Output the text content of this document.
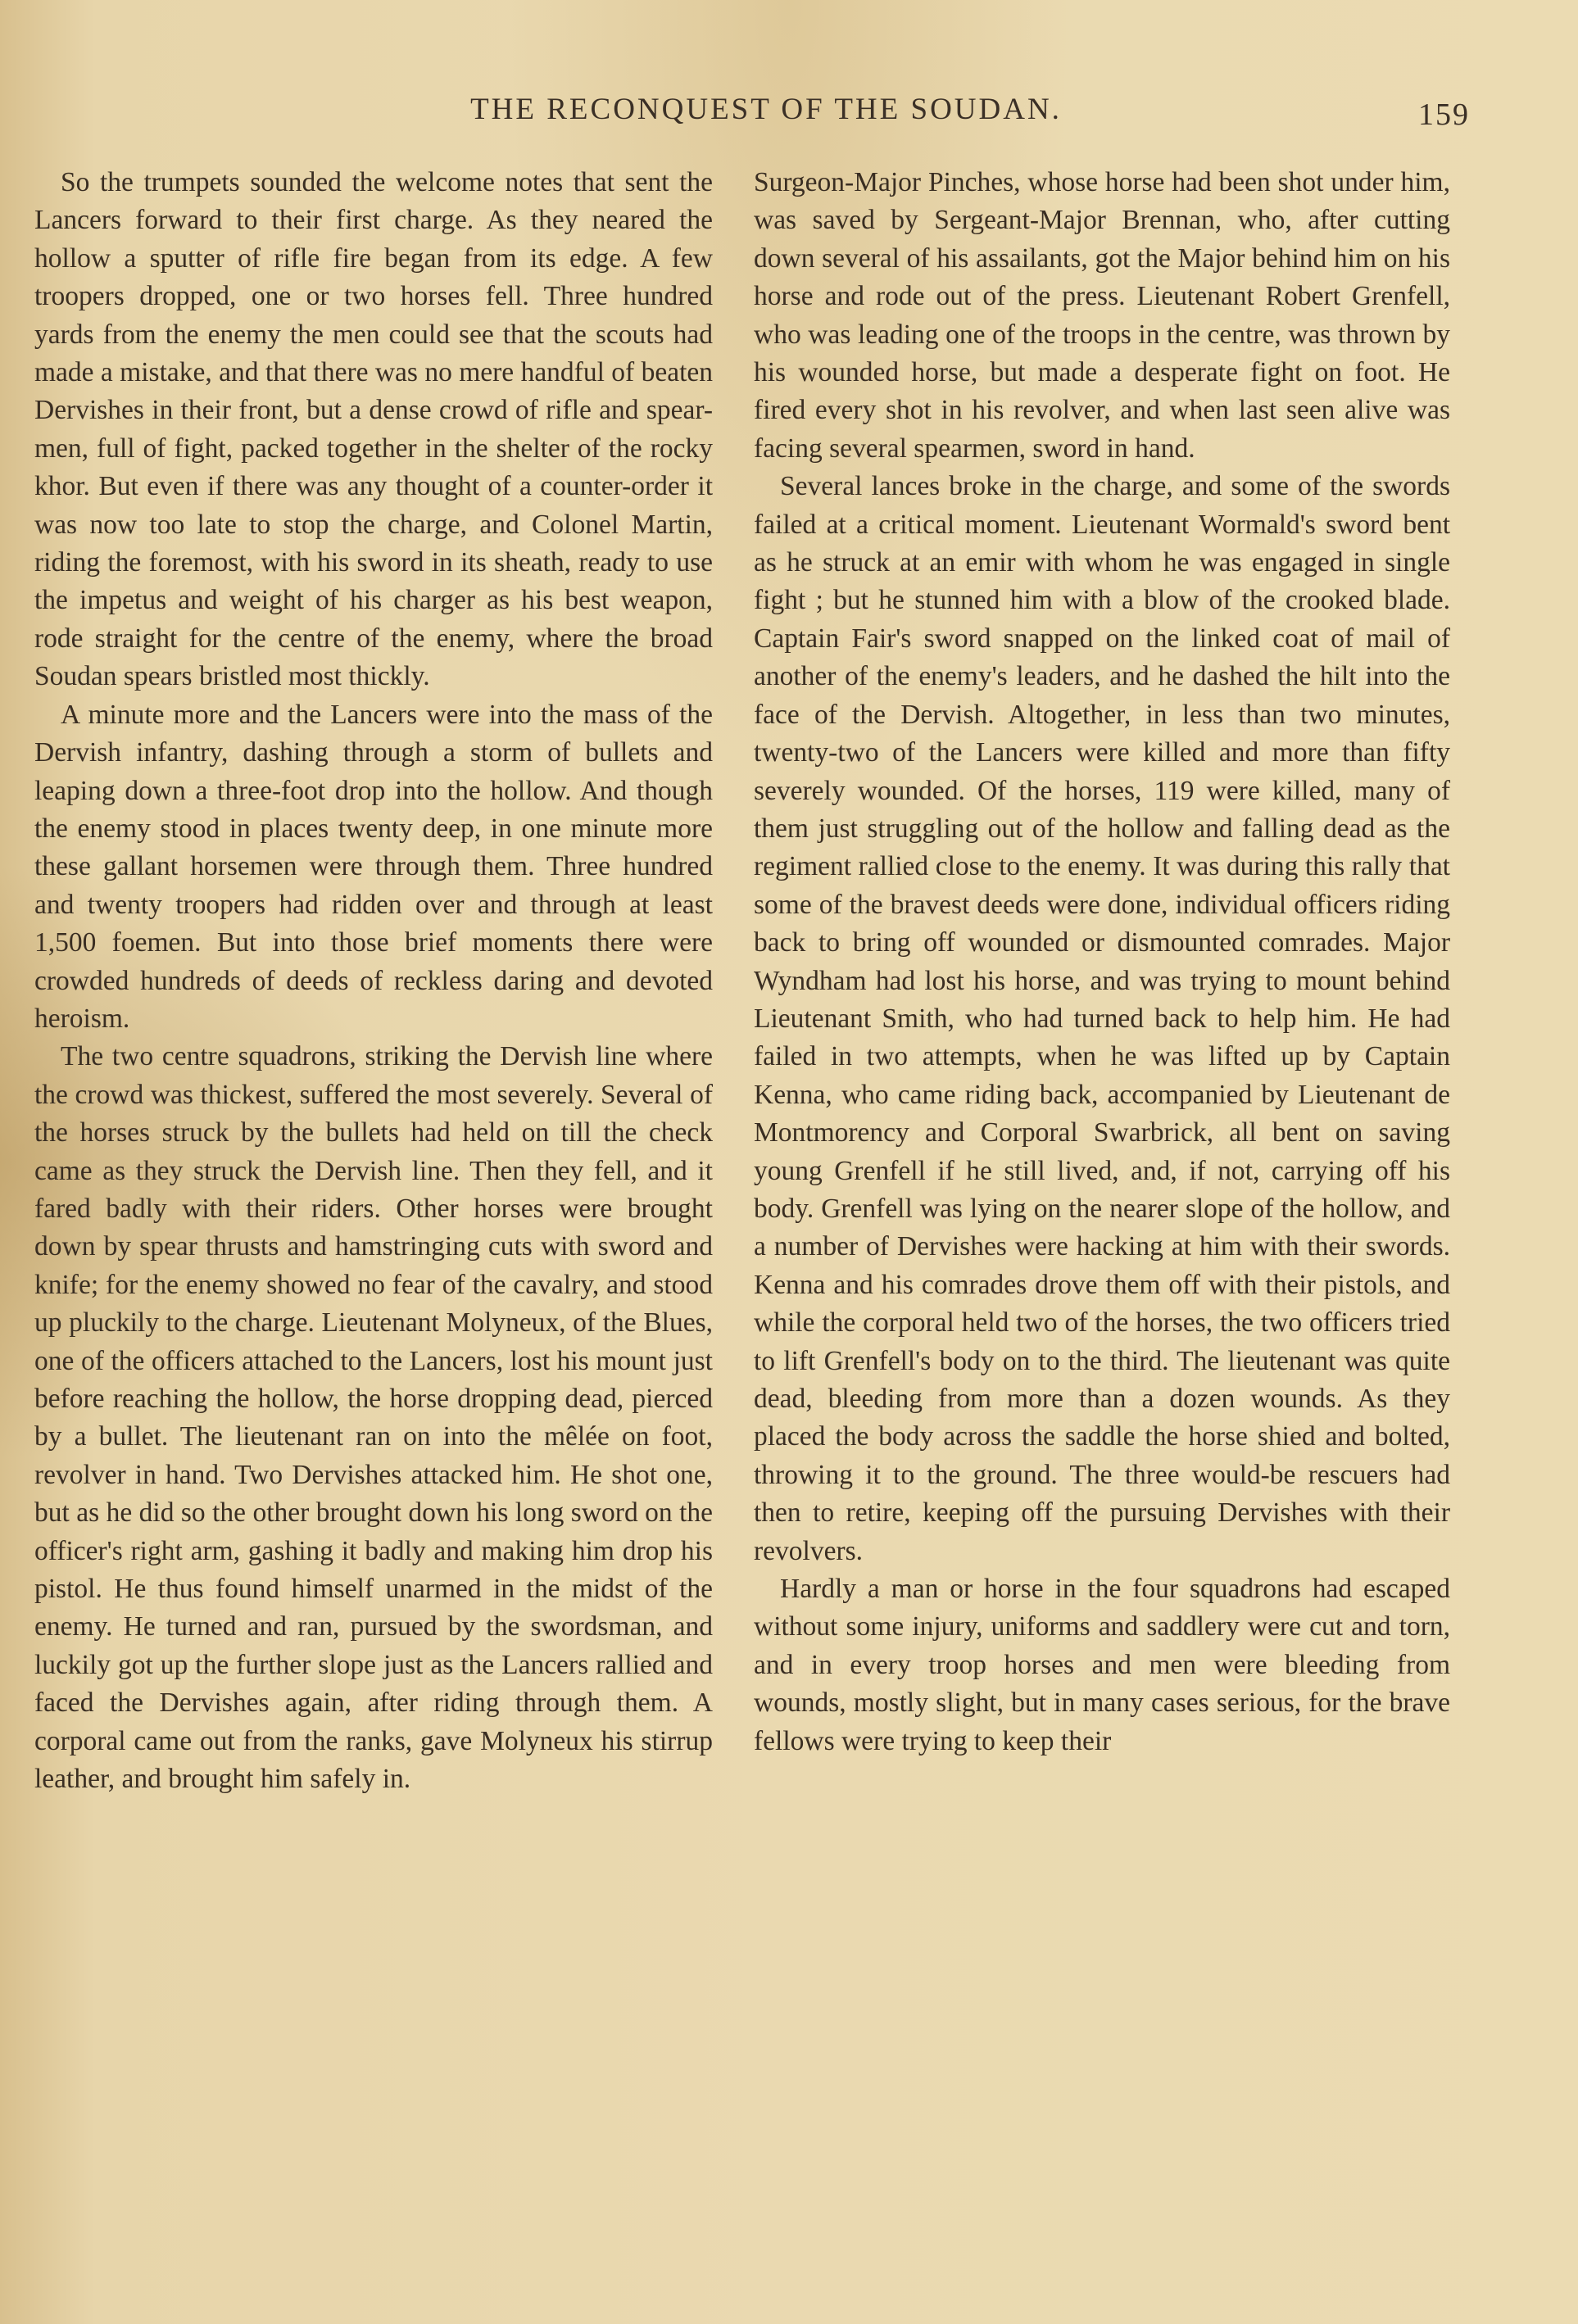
THE RECONQUEST OF THE SOUDAN.	159

So the trumpets sounded the welcome notes that sent the Lancers forward to their first charge. As they neared the hollow a sputter of rifle fire began from its edge. A few troopers dropped, one or two horses fell. Three hundred yards from the enemy the men could see that the scouts had made a mistake, and that there was no mere handful of beaten Dervishes in their front, but a dense crowd of rifle and spear-men, full of fight, packed together in the shelter of the rocky khor. But even if there was any thought of a counter-order it was now too late to stop the charge, and Colonel Martin, riding the foremost, with his sword in its sheath, ready to use the impetus and weight of his charger as his best weapon, rode straight for the centre of the enemy, where the broad Soudan spears bristled most thickly.

A minute more and the Lancers were into the mass of the Dervish infantry, dashing through a storm of bullets and leaping down a three-foot drop into the hollow. And though the enemy stood in places twenty deep, in one minute more these gallant horsemen were through them. Three hundred and twenty troopers had ridden over and through at least 1,500 foemen. But into those brief moments there were crowded hundreds of deeds of reckless daring and devoted heroism.

The two centre squadrons, striking the Dervish line where the crowd was thickest, suffered the most severely. Several of the horses struck by the bullets had held on till the check came as they struck the Dervish line. Then they fell, and it fared badly with their riders. Other horses were brought down by spear thrusts and hamstringing cuts with sword and knife; for the enemy showed no fear of the cavalry, and stood up pluckily to the charge. Lieutenant Molyneux, of the Blues, one of the officers attached to the Lancers, lost his mount just before reaching the hollow, the horse dropping dead, pierced by a bullet. The lieutenant ran on into the mêlée on foot, revolver in hand. Two Dervishes attacked him. He shot one, but as he did so the other brought down his long sword on the officer's right arm, gashing it badly and making him drop his pistol. He thus found himself unarmed in the midst of the enemy. He turned and ran, pursued by the swordsman, and luckily got up the further slope just as the Lancers rallied and faced the Dervishes again, after riding through them. A corporal came out from the ranks, gave Molyneux his stirrup leather, and brought him safely in.

Surgeon-Major Pinches, whose horse had been shot under him, was saved by Sergeant-Major Brennan, who, after cutting down several of his assailants, got the Major behind him on his horse and rode out of the press. Lieutenant Robert Grenfell, who was leading one of the troops in the centre, was thrown by his wounded horse, but made a desperate fight on foot. He fired every shot in his revolver, and when last seen alive was facing several spearmen, sword in hand.

Several lances broke in the charge, and some of the swords failed at a critical moment. Lieutenant Wormald's sword bent as he struck at an emir with whom he was engaged in single fight ; but he stunned him with a blow of the crooked blade. Captain Fair's sword snapped on the linked coat of mail of another of the enemy's leaders, and he dashed the hilt into the face of the Dervish. Altogether, in less than two minutes, twenty-two of the Lancers were killed and more than fifty severely wounded. Of the horses, 119 were killed, many of them just struggling out of the hollow and falling dead as the regiment rallied close to the enemy. It was during this rally that some of the bravest deeds were done, individual officers riding back to bring off wounded or dismounted comrades. Major Wyndham had lost his horse, and was trying to mount behind Lieutenant Smith, who had turned back to help him. He had failed in two attempts, when he was lifted up by Captain Kenna, who came riding back, accompanied by Lieutenant de Montmorency and Corporal Swarbrick, all bent on saving young Grenfell if he still lived, and, if not, carrying off his body. Grenfell was lying on the nearer slope of the hollow, and a number of Dervishes were hacking at him with their swords. Kenna and his comrades drove them off with their pistols, and while the corporal held two of the horses, the two officers tried to lift Grenfell's body on to the third. The lieutenant was quite dead, bleeding from more than a dozen wounds. As they placed the body across the saddle the horse shied and bolted, throwing it to the ground. The three would-be rescuers had then to retire, keeping off the pursuing Dervishes with their revolvers.

Hardly a man or horse in the four squadrons had escaped without some injury, uniforms and saddlery were cut and torn, and in every troop horses and men were bleeding from wounds, mostly slight, but in many cases serious, for the brave fellows were trying to keep their
